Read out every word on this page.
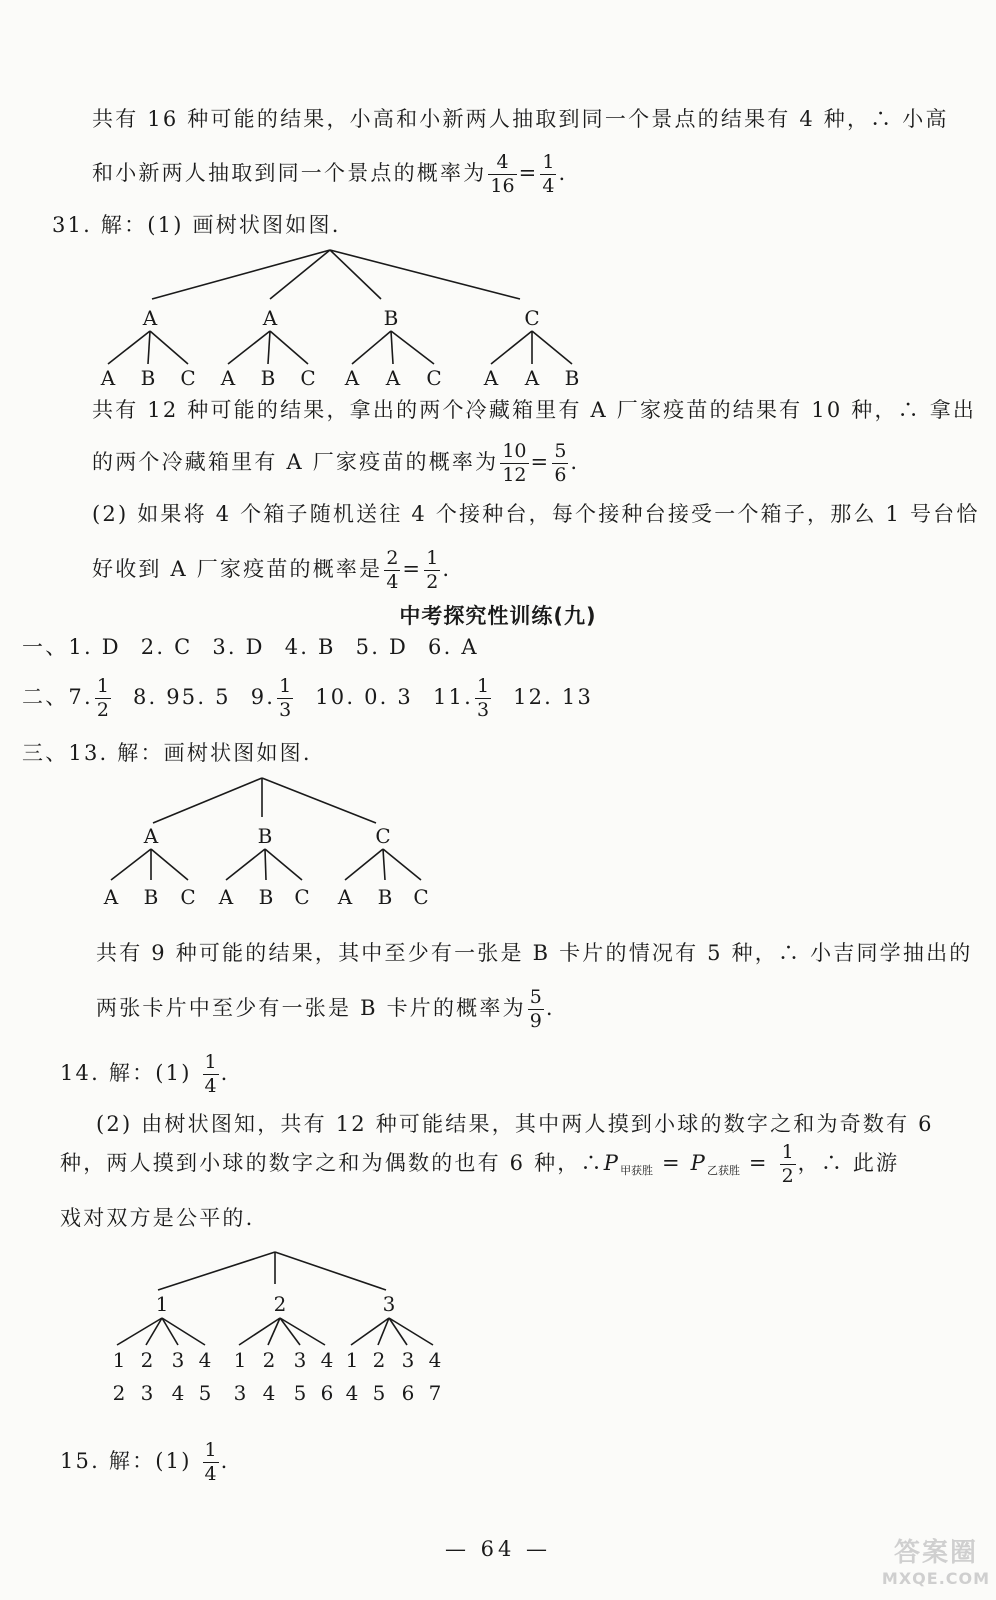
共有 16 种可能的结果，小高和小新两人抽取到同一个景点的结果有 4 种，∴ 小高
和小新两人抽取到同一个景点的概率为 $\frac{4}{16} = \frac{1}{4}$ .
31. 解：(1) 画树状图如图.
A	A	B	C
A B C A B C A A C A A B
共有 12 种可能的结果，拿出的两个冷藏箱里有 A 厂家疫苗的结果有 10 种，∴ 拿出
的两个冷藏箱里有 A 厂家疫苗的概率为 $\frac{10}{12} = \frac{5}{6}$ .
(2) 如果将 4 个箱子随机送往 4 个接种台，每个接种台接受一个箱子，那么 1 号台恰
好收到 A 厂家疫苗的概率是 $\frac{2}{4} = \frac{1}{2}$ .
中考探究性训练(九)
一、1. D 2. C 3. D 4. B 5. D 6. A
二、7. $\frac{1}{2} 8$. 95. 5 9. $\frac{1}{3} 10$. 0. 3 11. $\frac{1}{3} 12$. 13
三、13. 解：画树状图如图.
A	B	C
A B C A B C A B C
共有 9 种可能的结果，其中至少有一张是 B 卡片的情况有 5 种，∴ 小吉同学抽出的
两张卡片中至少有一张是 B 卡片的概率为 $\frac{5}{9}$ .
14. 解：$(1) \frac{1}{4}$ .
(2) 由树状图知，共有 12 种可能结果，其中两人摸到小球的数字之和为奇数有 6
种，两人摸到小球的数字之和为偶数的也有 6 种，$\therefore P_{甲获胜} = P_{乙获胜} = \frac{1}{2}$ ，∴ 此游
戏对双方是公平的.
1	2	3
1 2 3 4 1 2 3 4 1 2 3 4
2 3 4 5 3 4 5 6 4 5 6 7
15. 解：$(1) \frac{1}{4}$ .
— 64 —	答案圈
MXQE.COM
